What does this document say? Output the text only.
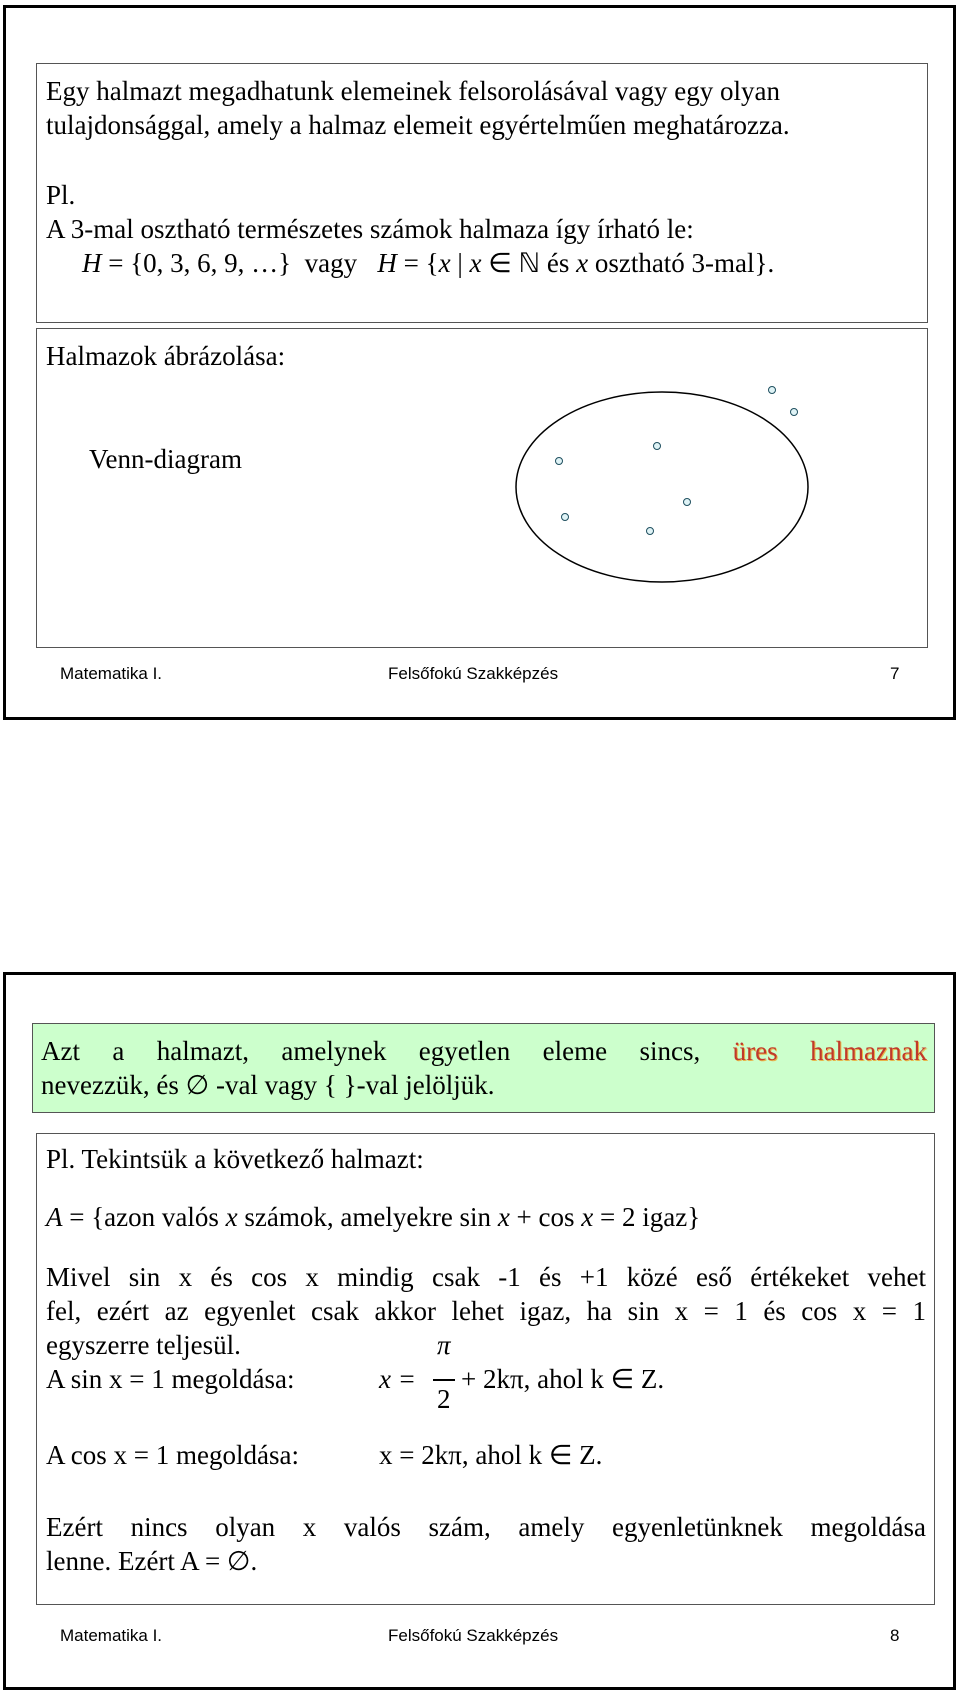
Egy halmazt megadhatunk elemeinek felsorolásával vagy egy olyan
tulajdonsággal, amely a halmaz elemeit egyértelműen meghatározza.
Pl.
A 3-mal osztható természetes számok halmaza így írható le:
H = {0, 3, 6, 9, …} vagy H = {x | x ∈ ℕ és x osztható 3-mal}.
Halmazok ábrázolása:
Venn-diagram
Matematika I.	Felsőfokú Szakképzés	7
Azt a halmazt, amelynek egyetlen eleme sincs, üres halmaznak
nevezzük, és ∅ -val vagy { }-val jelöljük.
Pl. Tekintsük a következő halmazt:
A = {azon valós x számok, amelyekre sin x + cos x = 2 igaz}
Mivel sin x és cos x mindig csak -1 és +1 közé eső értékeket vehet
fel, ezért az egyenlet csak akkor lehet igaz, ha sin x = 1 és cos x = 1
egyszerre teljesül.
A sin x = 1 megoldása:	x =
π
2
+ 2kπ, ahol k ∈ Z.
A cos x = 1 megoldása:	x = 2kπ, ahol k ∈ Z.
Ezért nincs olyan x valós szám, amely egyenletünknek megoldása
lenne. Ezért A = ∅.
Matematika I.	Felsőfokú Szakképzés	8
